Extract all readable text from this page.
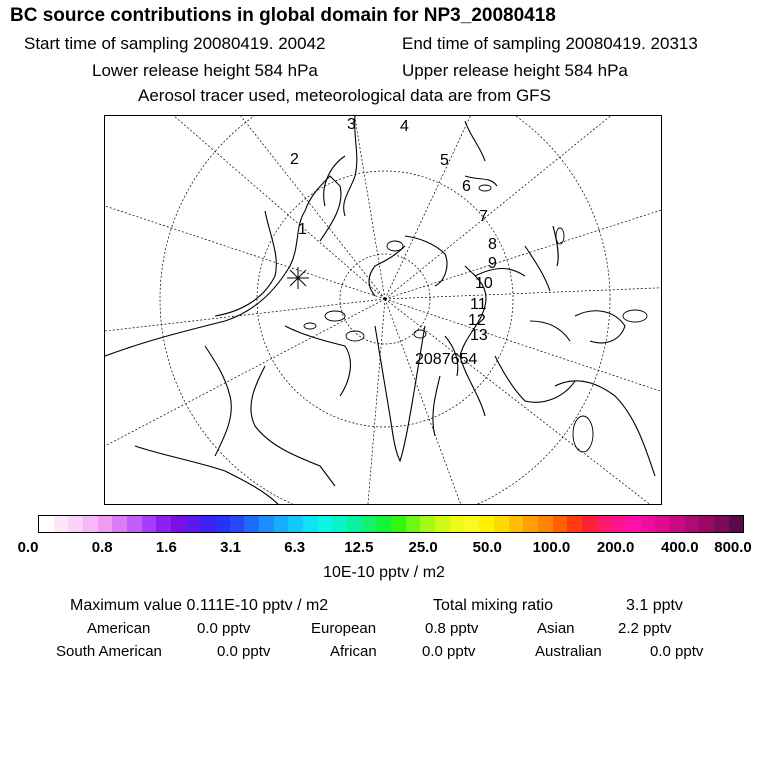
BC source contributions in global domain for NP3_20080418
Start time of sampling 20080419. 20042	End time of sampling 20080419. 20313
Lower release height 584 hPa	Upper release height 584 hPa
Aerosol tracer used, meteorological data are from GFS
1
2
3	4
5
6
7
8
9
10
11
12
13
2087654
0.0	0.8	1.6	3.1	6.3	12.5 25.0 50.0 100.0 200.0 400.0 800.0
10E-10 pptv / m2
Maximum value 0.111E-10 pptv / m2	Total mixing ratio	3.1 pptv
American	0.0 pptv	European	0.8 pptv	Asian	2.2 pptv
South American	0.0 pptv	African	0.0 pptv	Australian	0.0 pptv
